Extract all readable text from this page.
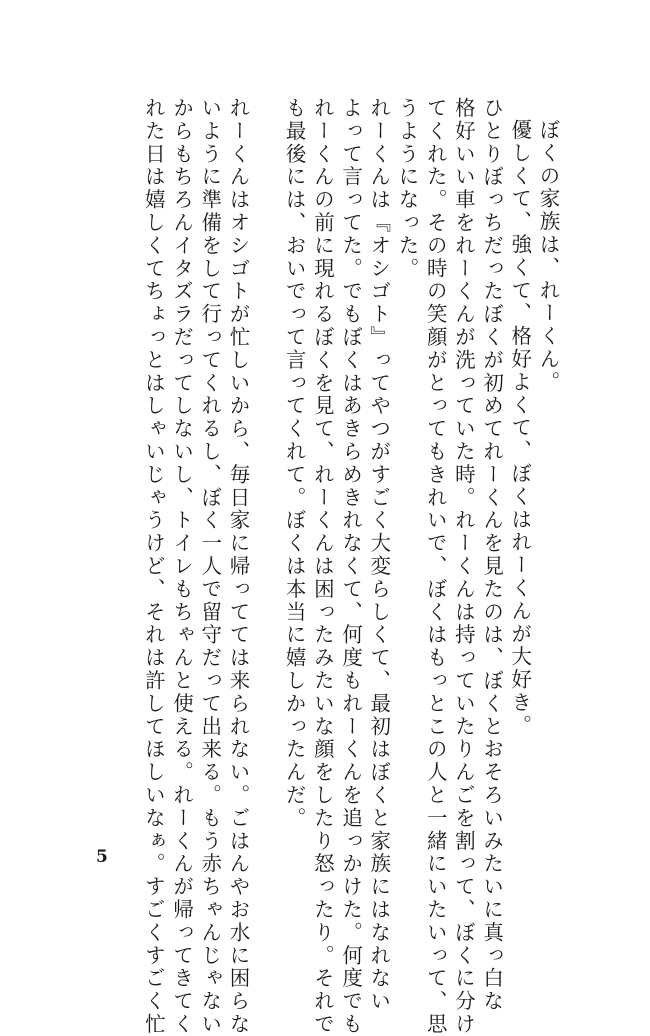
ぼくの家族は、れーくん。
優しくて、強くて、格好よくて、ぼくはれーくんが大好き。
ひとりぼっちだったぼくが初めてれーくんを見たのは、ぼくとおそろいみたいに真っ白な
格好いい車をれーくんが洗っていた時。れーくんは持っていたりんごを割って、ぼくに分け
てくれた。その時の笑顔がとってもきれいで、ぼくはもっとこの人と一緒にいたいって、思
うようになった。
れーくんは『オシゴト』ってやつがすごく大変らしくて、最初はぼくと家族にはなれない
よって言ってた。でもぼくはあきらめきれなくて、何度もれーくんを追っかけた。何度でも
れーくんの前に現れるぼくを見て、れーくんは困ったみたいな顔をしたり怒ったり。それで
も最後には、おいでって言ってくれて。ぼくは本当に嬉しかったんだ。
れーくんはオシゴトが忙しいから、毎日家に帰ってては来られない。ごはんやお水に困らな
いように準備をして行ってくれるし、ぼく一人で留守だって出来る。もう赤ちゃんじゃない
からもちろんイタズラだってしないし、トイレもちゃんと使える。れーくんが帰ってきてく
れた日は嬉しくてちょっとはしゃいじゃうけど、それは許してほしいなぁ。すごくすごく忙
5
